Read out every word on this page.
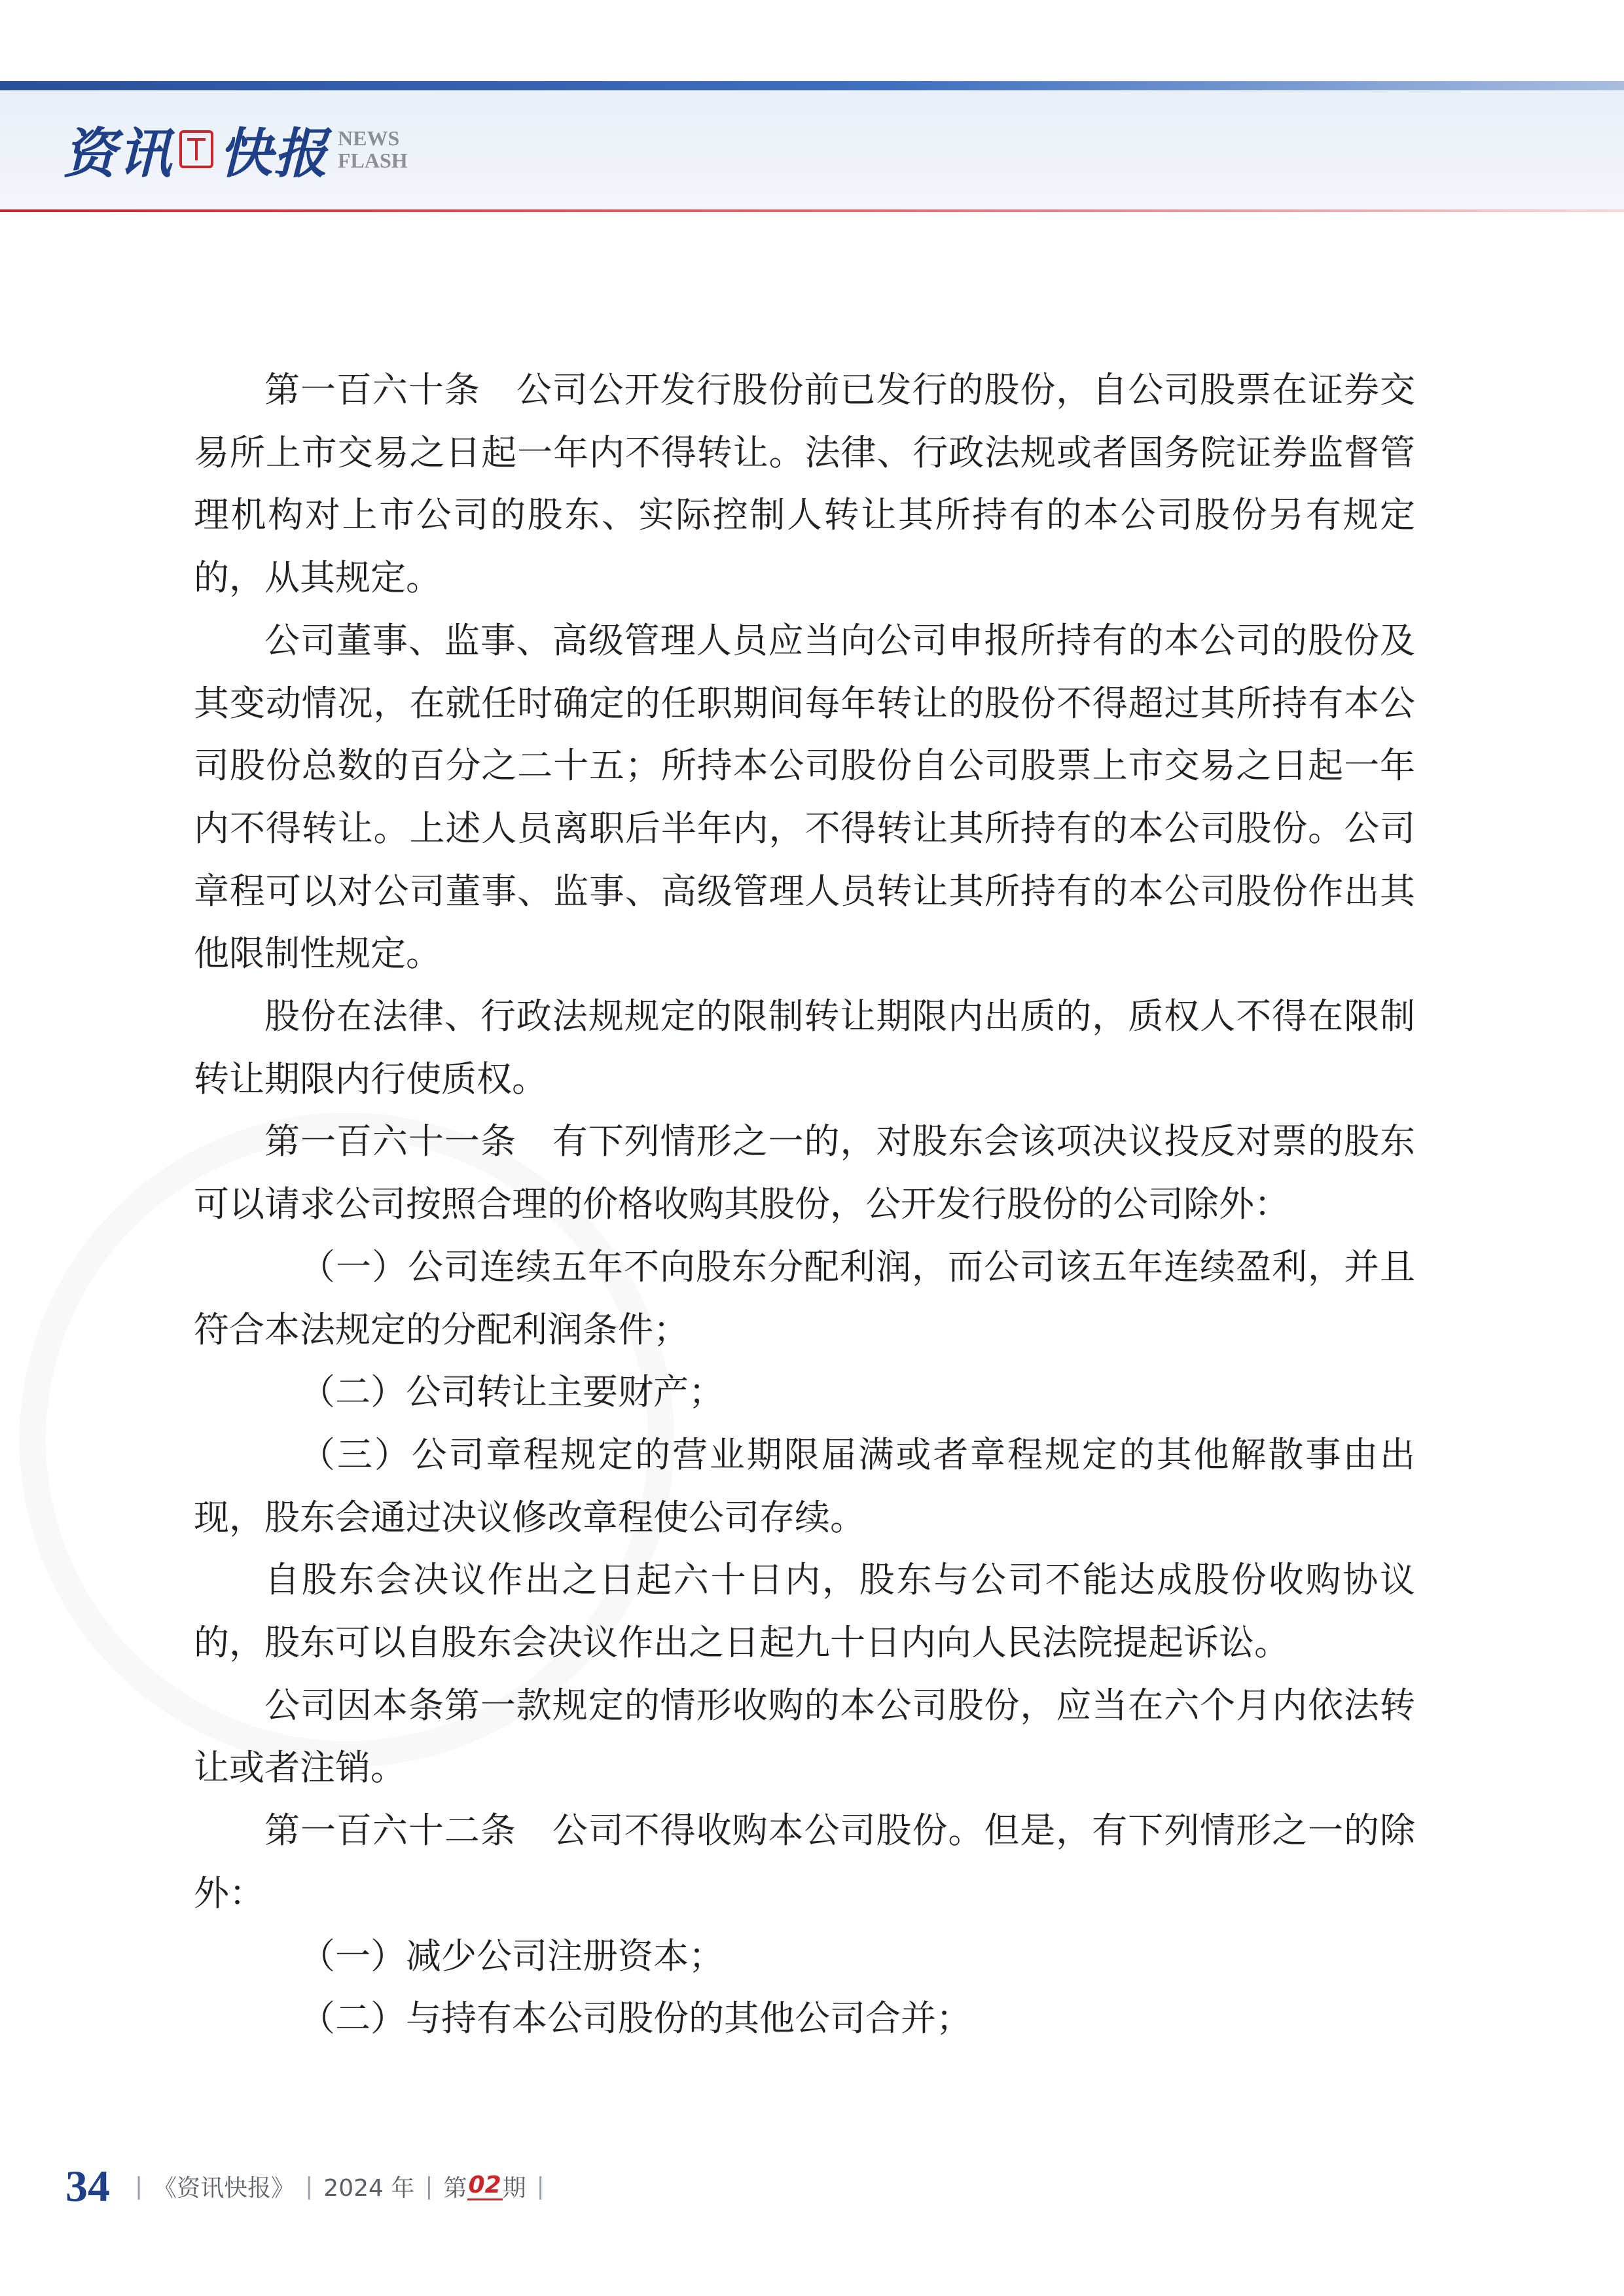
资讯 快报 NEWS
FLASH

第一百六十条　公司公开发行股份前已发行的股份，自公司股票在证券交易所上市交易之日起一年内不得转让。法律、行政法规或者国务院证券监督管理机构对上市公司的股东、实际控制人转让其所持有的本公司股份另有规定的，从其规定。

公司董事、监事、高级管理人员应当向公司申报所持有的本公司的股份及其变动情况，在就任时确定的任职期间每年转让的股份不得超过其所持有本公司股份总数的百分之二十五；所持本公司股份自公司股票上市交易之日起一年内不得转让。上述人员离职后半年内，不得转让其所持有的本公司股份。公司章程可以对公司董事、监事、高级管理人员转让其所持有的本公司股份作出其他限制性规定。

股份在法律、行政法规规定的限制转让期限内出质的，质权人不得在限制转让期限内行使质权。

第一百六十一条　有下列情形之一的，对股东会该项决议投反对票的股东可以请求公司按照合理的价格收购其股份，公开发行股份的公司除外：

（一）公司连续五年不向股东分配利润，而公司该五年连续盈利，并且符合本法规定的分配利润条件；

（二）公司转让主要财产；

（三）公司章程规定的营业期限届满或者章程规定的其他解散事由出现，股东会通过决议修改章程使公司存续。

自股东会决议作出之日起六十日内，股东与公司不能达成股份收购协议的，股东可以自股东会决议作出之日起九十日内向人民法院提起诉讼。

公司因本条第一款规定的情形收购的本公司股份，应当在六个月内依法转让或者注销。

第一百六十二条　公司不得收购本公司股份。但是，有下列情形之一的除外：

（一）减少公司注册资本；

（二）与持有本公司股份的其他公司合并；

34 | 《资讯快报》 | 2024 年 | 第 02 期 |
